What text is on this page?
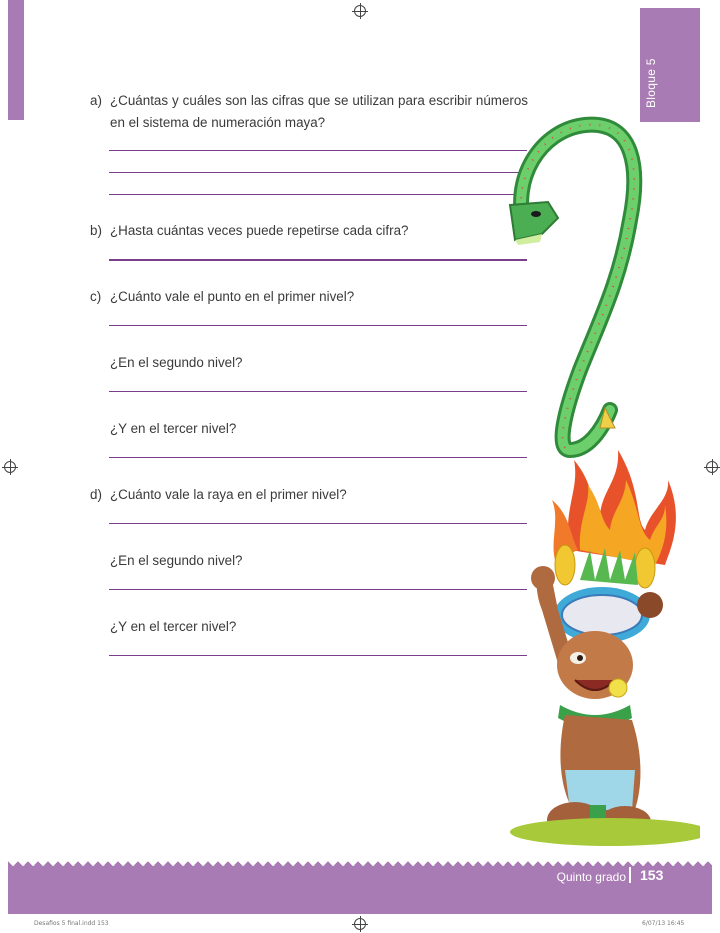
Bloque 5
a) ¿Cuántas y cuáles son las cifras que se utilizan para escribir números en el sistema de numeración maya?
b) ¿Hasta cuántas veces puede repetirse cada cifra?
c) ¿Cuánto vale el punto en el primer nivel?
¿En el segundo nivel?
¿Y en el tercer nivel?
d) ¿Cuánto vale la raya en el primer nivel?
¿En el segundo nivel?
¿Y en el tercer nivel?
Quinto grado 153
Desafios 5 final.indd 153	6/07/13 16:45
